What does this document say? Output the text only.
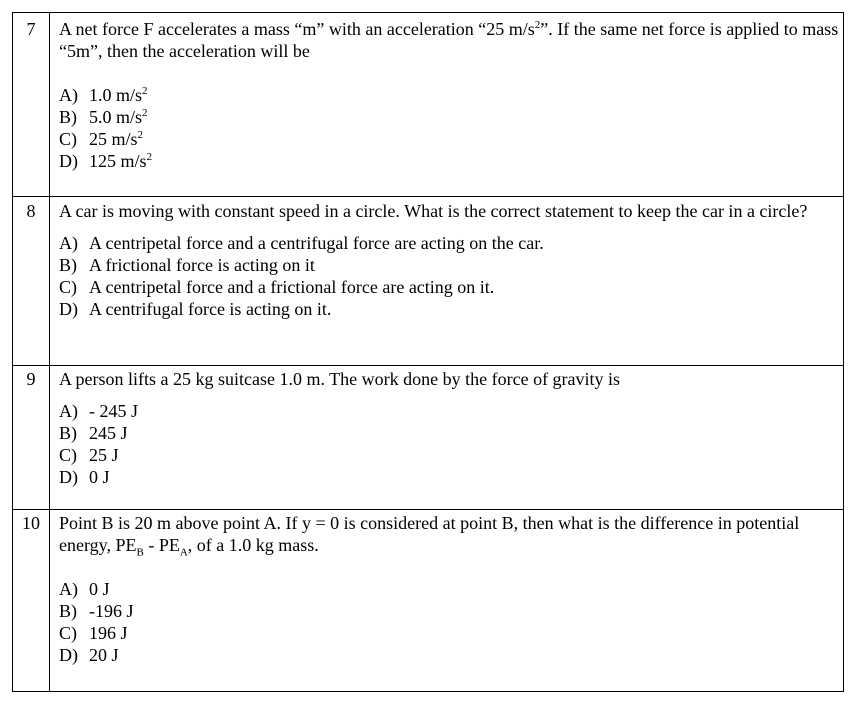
7	A net force F accelerates a mass “m” with an acceleration “25 $m/s^2$”. If the same net force is applied to mass “5m”, then the acceleration will be

A) 1.0 $m/s^2$
B) 5.0 $m/s^2$
C) 25 $m/s^2$
D) 125 $m/s^2$
8	A car is moving with constant speed in a circle. What is the correct statement to keep the car in a circle?

A) A centripetal force and a centrifugal force are acting on the car.
B) A frictional force is acting on it
C) A centripetal force and a frictional force are acting on it.
D) A centrifugal force is acting on it.
9	A person lifts a 25 kg suitcase 1.0 m. The work done by the force of gravity is

A) - 245 J
B) 245 J
C) 25 J
D) 0 J
10	Point B is 20 m above point A. If y = 0 is considered at point B, then what is the difference in potential energy, $PE_B - PE_A$, of a 1.0 kg mass.

A) 0 J
B) -196 J
C) 196 J
D) 20 J
